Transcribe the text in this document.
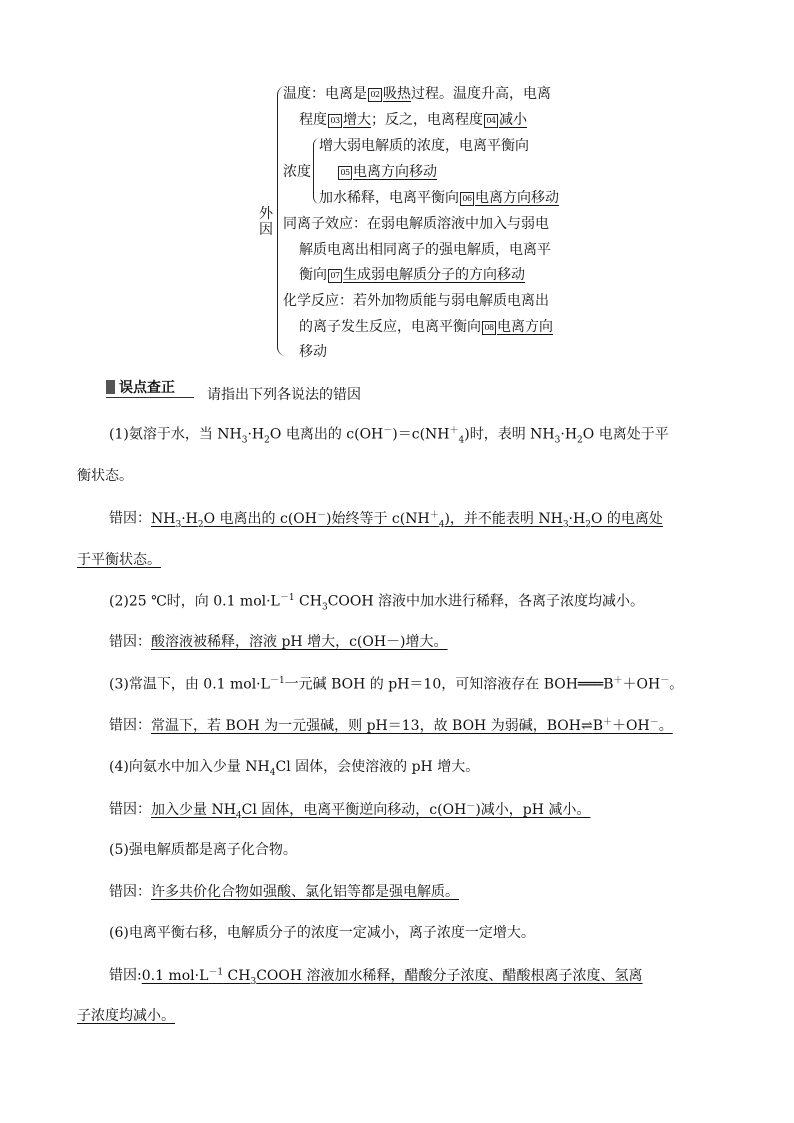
外
因
温度：电离是 02 吸热过程。温度升高，电离
程度 03 增大；反之，电离程度 04 减小
浓度
增大弱电解质的浓度，电离平衡向
05 电离方向移动
加水稀释，电离平衡向 06 电离方向移动
同离子效应：在弱电解质溶液中加入与弱电
解质电离出相同离子的强电解质，电离平
衡向 07 生成弱电解质分子的方向移动
化学反应：若外加物质能与弱电解质电离出
的离子发生反应，电离平衡向 08 电离方向
移动
误点查正 请指出下列各说法的错因
(1)氨溶于水，当 $NH_3\cdot H_2O$ 电离出的 $c(OH^-)=c(NH^+_4)$时，表明 $NH_3\cdot H_2O$ 电离处于平
衡状态。
错因：$NH_3\cdot H_2O$ 电离出的 c(OH－)始终等于 $c(NH^+_4)$，并不能表明 $NH_3\cdot H_2O$ 的电离处
于平衡状态。
(2)25 ℃时，向 0.1 $mol\cdot L^{-1}$ $CH_3COOH$ 溶液中加水进行稀释，各离子浓度均减小。
错因：酸溶液被稀释，溶液 pH 增大，c(OH－)增大。
(3)常温下，由 0.1 $mol\cdot L^{-1}$一元碱 BOH 的 pH＝10，可知溶液存在 BOH═══B＋＋OH－。
错因：常温下，若 BOH 为一元强碱，则 pH＝13，故 BOH 为弱碱，BOH⇌B＋＋OH－。
(4)向氨水中加入少量 $NH_4Cl$ 固体，会使溶液的 pH 增大。
错因：加入少量 $NH_4Cl$ 固体，电离平衡逆向移动，c(OH－)减小，pH 减小。
(5)强电解质都是离子化合物。
错因：许多共价化合物如强酸、氯化铝等都是强电解质。
(6)电离平衡右移，电解质分子的浓度一定减小，离子浓度一定增大。
错因:0.1 $mol\cdot L^{-1}$ $CH_3COOH$ 溶液加水稀释，醋酸分子浓度、醋酸根离子浓度、氢离
子浓度均减小。
